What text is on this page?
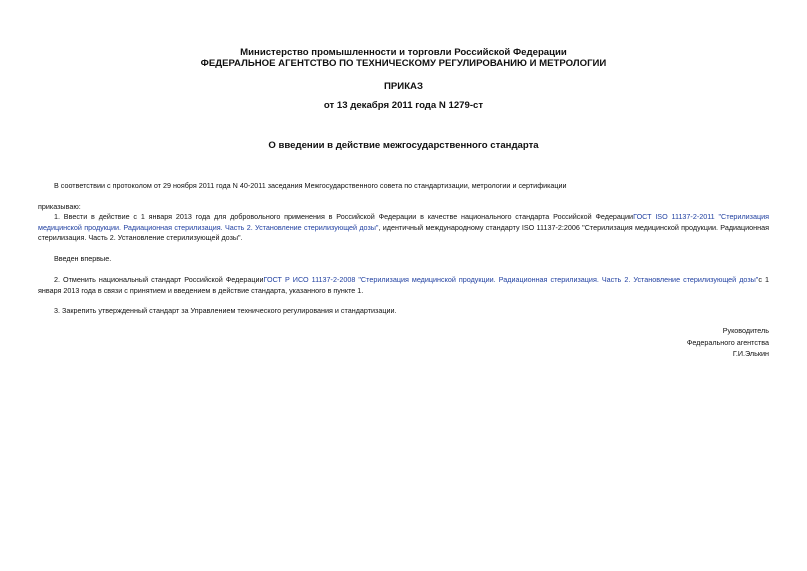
Министерство промышленности и торговли Российской Федерации
ФЕДЕРАЛЬНОЕ АГЕНТСТВО ПО ТЕХНИЧЕСКОМУ РЕГУЛИРОВАНИЮ И МЕТРОЛОГИИ
ПРИКАЗ
от 13 декабря 2011 года N 1279-ст
О введении в действие межгосударственного стандарта
В соответствии с протоколом от 29 ноября 2011 года N 40-2011 заседания Межгосударственного совета по стандартизации, метрологии и сертификации
приказываю:
1. Ввести в действие с 1 января 2013 года для добровольного применения в Российской Федерации в качестве национального стандарта Российской ФедерацииГОСТ ISO 11137-2-2011 "Стерилизация медицинской продукции. Радиационная стерилизация. Часть 2. Установление стерилизующей дозы", идентичный международному стандарту ISO 11137-2:2006 "Стерилизация медицинской продукции. Радиационная стерилизация. Часть 2. Установление стерилизующей дозы".
Введен впервые.
2. Отменить национальный стандарт Российской ФедерацииГОСТ Р ИСО 11137-2-2008 "Стерилизация медицинской продукции. Радиационная стерилизация. Часть 2. Установление стерилизующей дозы"с 1 января 2013 года в связи с принятием и введением в действие стандарта, указанного в пункте 1.
3. Закрепить утвержденный стандарт за Управлением технического регулирования и стандартизации.
Руководитель
Федерального агентства
Г.И.Элькин
